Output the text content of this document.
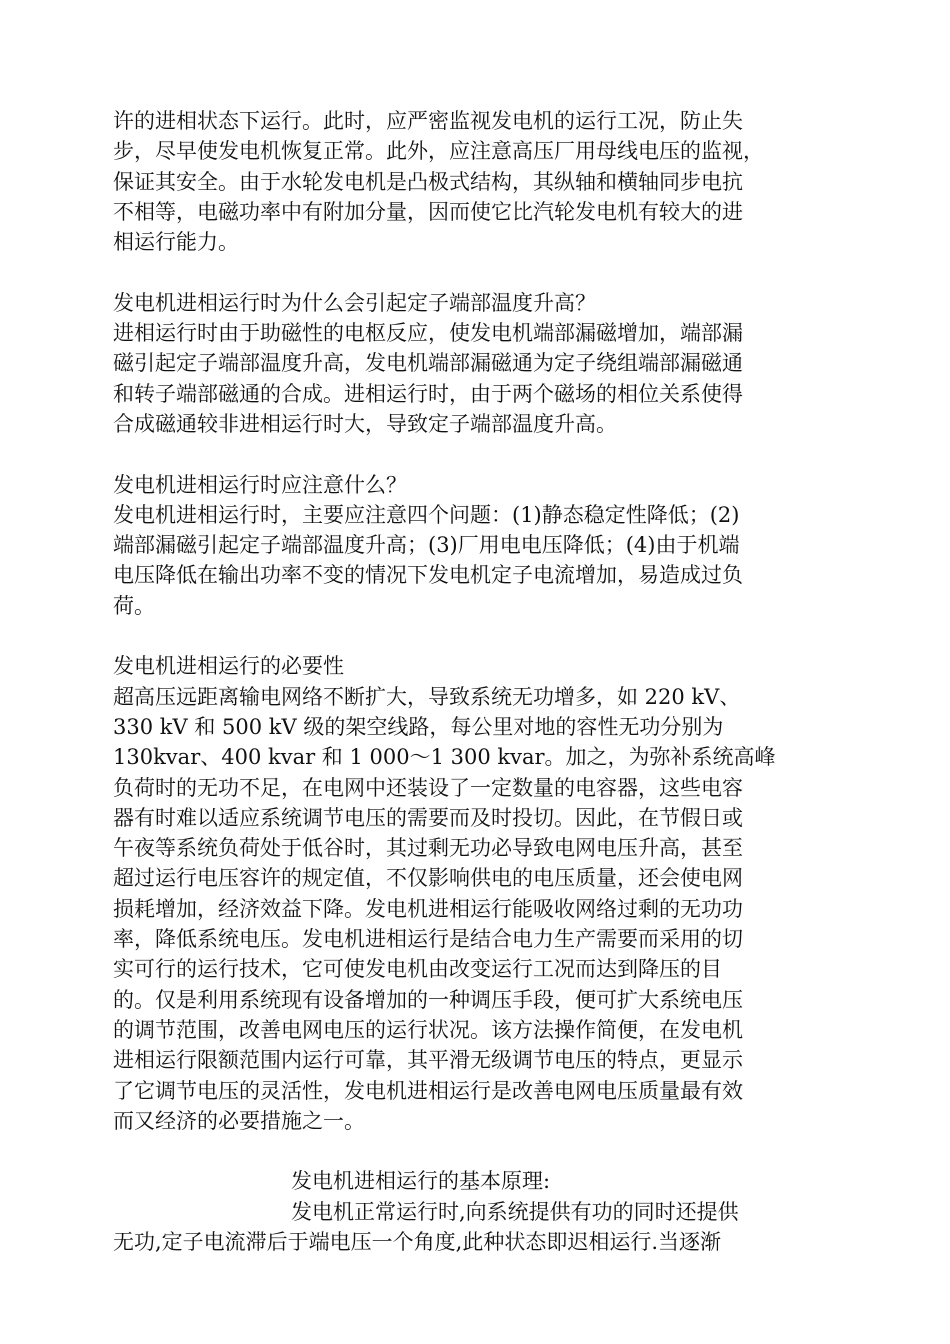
许的进相状态下运行。此时，应严密监视发电机的运行工况，防止失
步，尽早使发电机恢复正常。此外，应注意高压厂用母线电压的监视，
保证其安全。由于水轮发电机是凸极式结构，其纵轴和横轴同步电抗
不相等，电磁功率中有附加分量，因而使它比汽轮发电机有较大的进
相运行能力。
发电机进相运行时为什么会引起定子端部温度升高？
进相运行时由于助磁性的电枢反应，使发电机端部漏磁增加，端部漏
磁引起定子端部温度升高，发电机端部漏磁通为定子绕组端部漏磁通
和转子端部磁通的合成。进相运行时，由于两个磁场的相位关系使得
合成磁通较非进相运行时大，导致定子端部温度升高。
发电机进相运行时应注意什么？
发电机进相运行时，主要应注意四个问题：(1)静态稳定性降低；(2)
端部漏磁引起定子端部温度升高；(3)厂用电电压降低；(4)由于机端
电压降低在输出功率不变的情况下发电机定子电流增加，易造成过负
荷。
发电机进相运行的必要性
超高压远距离输电网络不断扩大，导致系统无功增多，如 220 kV、
330 kV 和 500 kV 级的架空线路，每公里对地的容性无功分别为
130kvar、400 kvar 和 1 000～1 300 kvar。加之，为弥补系统高峰
负荷时的无功不足，在电网中还装设了一定数量的电容器，这些电容
器有时难以适应系统调节电压的需要而及时投切。因此，在节假日或
午夜等系统负荷处于低谷时，其过剩无功必导致电网电压升高，甚至
超过运行电压容许的规定值，不仅影响供电的电压质量，还会使电网
损耗增加，经济效益下降。发电机进相运行能吸收网络过剩的无功功
率，降低系统电压。发电机进相运行是结合电力生产需要而采用的切
实可行的运行技术，它可使发电机由改变运行工况而达到降压的目
的。仅是利用系统现有设备增加的一种调压手段，便可扩大系统电压
的调节范围，改善电网电压的运行状况。该方法操作简便，在发电机
进相运行限额范围内运行可靠，其平滑无级调节电压的特点，更显示
了它调节电压的灵活性，发电机进相运行是改善电网电压质量最有效
而又经济的必要措施之一。
发电机进相运行的基本原理:
发电机正常运行时,向系统提供有功的同时还提供
无功,定子电流滞后于端电压一个角度,此种状态即迟相运行.当逐渐
